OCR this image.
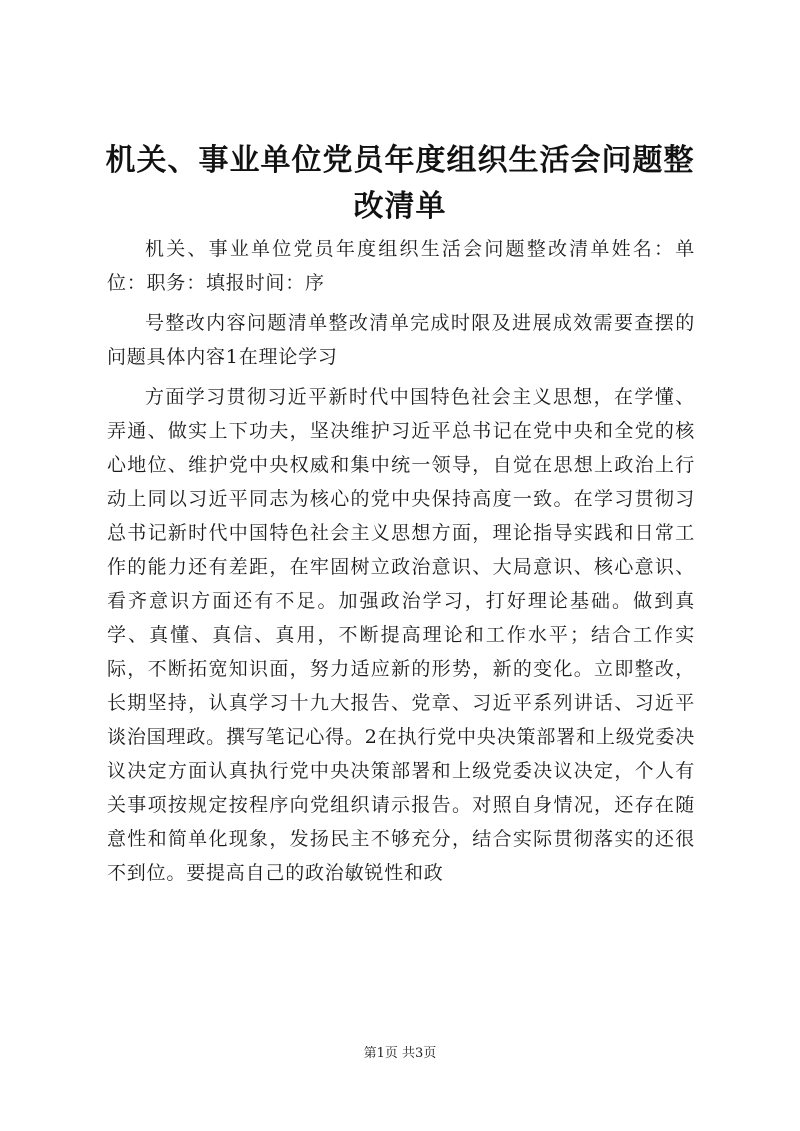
机关、事业单位党员年度组织生活会问题整改清单

机关、事业单位党员年度组织生活会问题整改清单姓名：单位：职务：填报时间：序

号整改内容问题清单整改清单完成时限及进展成效需要查摆的问题具体内容1在理论学习

方面学习贯彻习近平新时代中国特色社会主义思想，在学懂、弄通、做实上下功夫，坚决维护习近平总书记在党中央和全党的核心地位、维护党中央权威和集中统一领导，自觉在思想上政治上行动上同以习近平同志为核心的党中央保持高度一致。在学习贯彻习总书记新时代中国特色社会主义思想方面，理论指导实践和日常工作的能力还有差距，在牢固树立政治意识、大局意识、核心意识、看齐意识方面还有不足。加强政治学习，打好理论基础。做到真学、真懂、真信、真用，不断提高理论和工作水平；结合工作实际，不断拓宽知识面，努力适应新的形势，新的变化。立即整改，长期坚持，认真学习十九大报告、党章、习近平系列讲话、习近平谈治国理政。撰写笔记心得。2在执行党中央决策部署和上级党委决议决定方面认真执行党中央决策部署和上级党委决议决定，个人有关事项按规定按程序向党组织请示报告。对照自身情况，还存在随意性和简单化现象，发扬民主不够充分，结合实际贯彻落实的还很不到位。要提高自己的政治敏锐性和政

第1页 共3页
